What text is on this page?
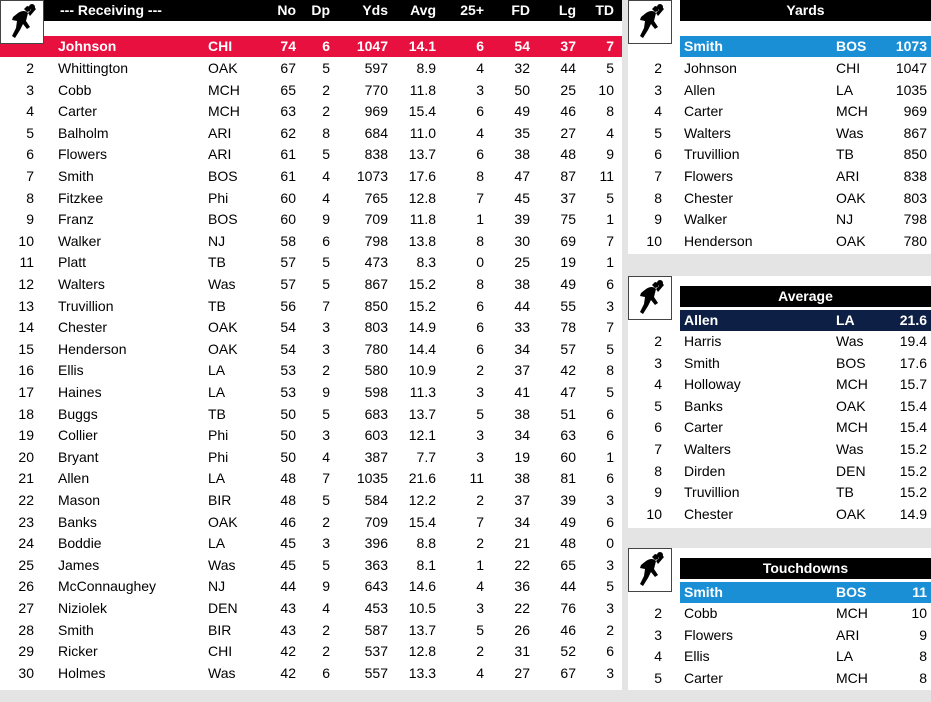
--- Receiving ---	No	Dp	Yds	Avg	25+	FD	Lg	TD
Johnson	CHI	74	6	1047	14.1	6	54	37	7
2 Whittington	OAK	67	5	597	8.9	4	32	44	5
3 Cobb	MCH	65	2	770	11.8	3	50	25	10
4 Carter	MCH	63	2	969	15.4	6	49	46	8
5 Balholm	ARI	62	8	684	11.0	4	35	27	4
6 Flowers	ARI	61	5	838	13.7	6	38	48	9
7 Smith	BOS	61	4	1073	17.6	8	47	87	11
8 Fitzkee	Phi	60	4	765	12.8	7	45	37	5
9 Franz	BOS	60	9	709	11.8	1	39	75	1
10 Walker	NJ	58	6	798	13.8	8	30	69	7
11 Platt	TB	57	5	473	8.3	0	25	19	1
12 Walters	Was	57	5	867	15.2	8	38	49	6
13 Truvillion	TB	56	7	850	15.2	6	44	55	3
14 Chester	OAK	54	3	803	14.9	6	33	78	7
15 Henderson	OAK	54	3	780	14.4	6	34	57	5
16 Ellis	LA	53	2	580	10.9	2	37	42	8
17 Haines	LA	53	9	598	11.3	3	41	47	5
18 Buggs	TB	50	5	683	13.7	5	38	51	6
19 Collier	Phi	50	3	603	12.1	3	34	63	6
20 Bryant	Phi	50	4	387	7.7	3	19	60	1
21 Allen	LA	48	7	1035	21.6	11	38	81	6
22 Mason	BIR	48	5	584	12.2	2	37	39	3
23 Banks	OAK	46	2	709	15.4	7	34	49	6
24 Boddie	LA	45	3	396	8.8	2	21	48	0
25 James	Was	45	5	363	8.1	1	22	65	3
26 McConnaughey	NJ	44	9	643	14.6	4	36	44	5
27 Niziolek	DEN	43	4	453	10.5	3	22	76	3
28 Smith	BIR	43	2	587	13.7	5	26	46	2
29 Ricker	CHI	42	2	537	12.8	2	31	52	6
30 Holmes	Was	42	6	557	13.3	4	27	67	3
Yards
Smith	BOS 1073
2 Johnson	CHI	1047
3 Allen	LA	1035
4 Carter	MCH	969
5 Walters	Was	867
6 Truvillion	TB	850
7 Flowers	ARI	838
8 Chester	OAK	803
9 Walker	NJ	798
10 Henderson	OAK	780
Average
Allen	LA	21.6
2 Harris	Was	19.4
3 Smith	BOS 17.6
4 Holloway	MCH 15.7
5 Banks	OAK 15.4
6 Carter	MCH 15.4
7 Walters	Was	15.2
8 Dirden	DEN 15.2
9 Truvillion	TB	15.2
10 Chester	OAK 14.9
Touchdowns
Smith	BOS	11
2 Cobb	MCH	10
3 Flowers	ARI	9
4 Ellis	LA	8
5 Carter	MCH	8
